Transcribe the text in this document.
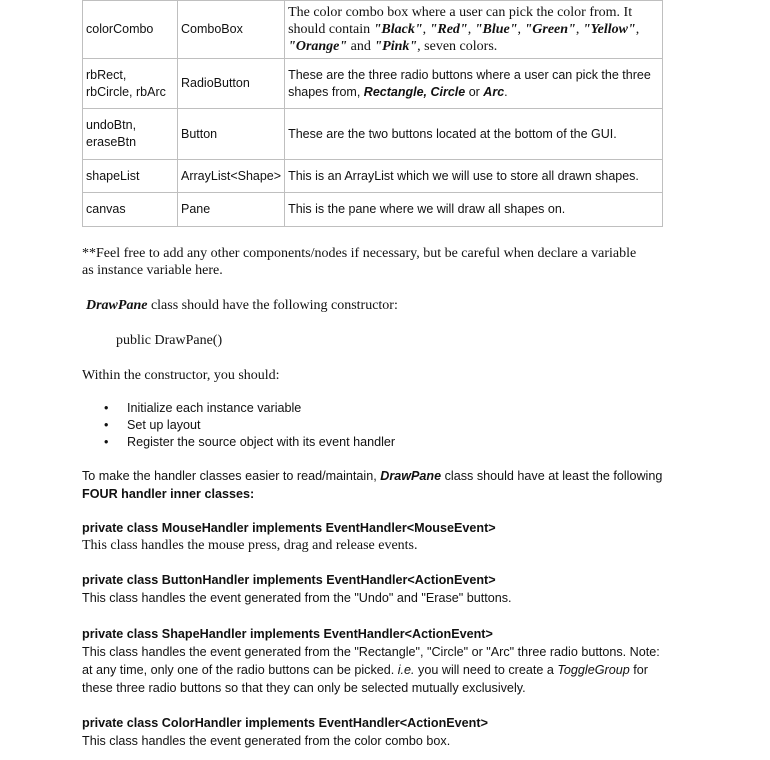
colorCombo	ComboBox	The color combo box where a user can pick the color from. It should contain "Black", "Red", "Blue", "Green", "Yellow", "Orange" and "Pink", seven colors.
rbRect, rbCircle, rbArc	RadioButton	These are the three radio buttons where a user can pick the three shapes from, Rectangle, Circle or Arc.
undoBtn, eraseBtn	Button	These are the two buttons located at the bottom of the GUI.
shapeList	ArrayList<Shape>	This is an ArrayList which we will use to store all drawn shapes.
canvas	Pane	This is the pane where we will draw all shapes on.
**Feel free to add any other components/nodes if necessary, but be careful when declare a variable as instance variable here.
DrawPane class should have the following constructor:
public DrawPane()
Within the constructor, you should:
• Initialize each instance variable
• Set up layout
• Register the source object with its event handler
To make the handler classes easier to read/maintain, DrawPane class should have at least the following FOUR handler inner classes:
private class MouseHandler implements EventHandler<MouseEvent>
This class handles the mouse press, drag and release events.
private class ButtonHandler implements EventHandler<ActionEvent>
This class handles the event generated from the "Undo" and "Erase" buttons.
private class ShapeHandler implements EventHandler<ActionEvent>
This class handles the event generated from the "Rectangle", "Circle" or "Arc" three radio buttons. Note: at any time, only one of the radio buttons can be picked. i.e. you will need to create a ToggleGroup for these three radio buttons so that they can only be selected mutually exclusively.
private class ColorHandler implements EventHandler<ActionEvent>
This class handles the event generated from the color combo box.
